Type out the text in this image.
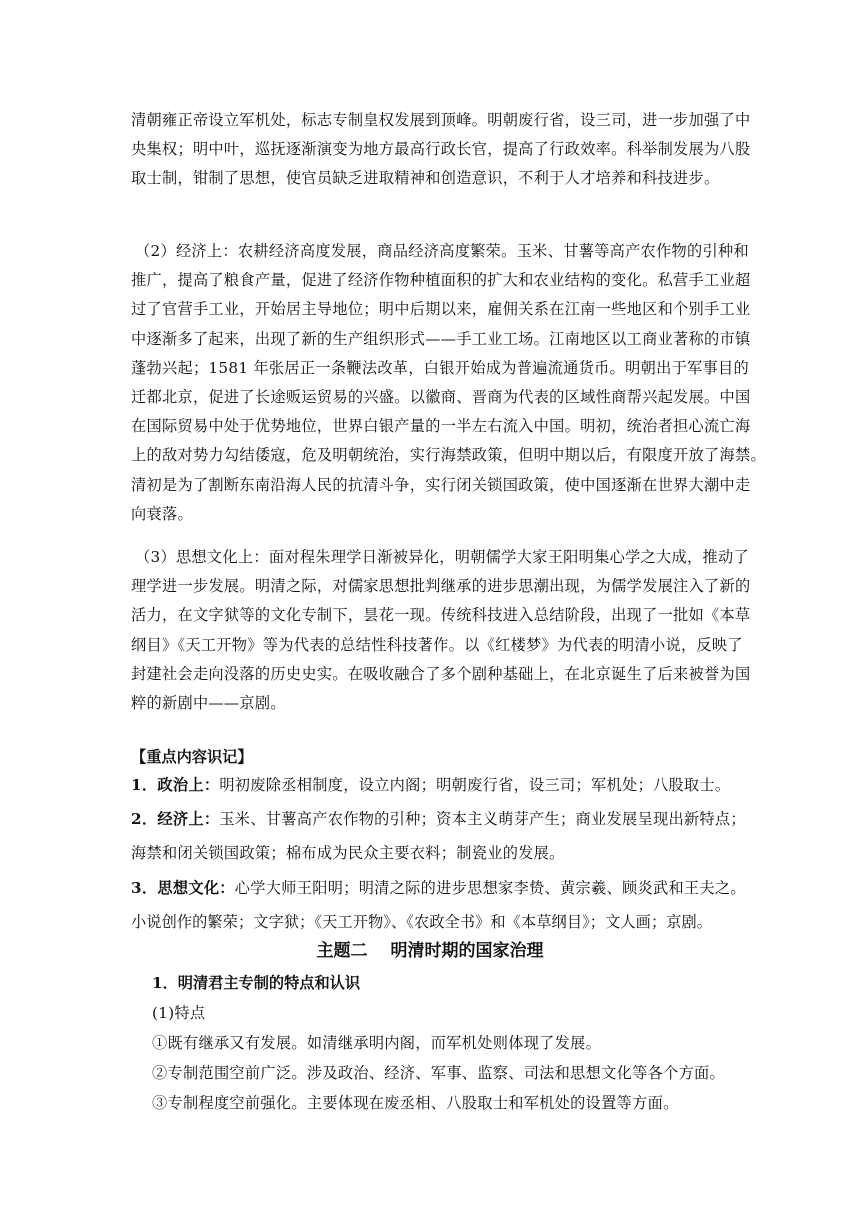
清朝雍正帝设立军机处，标志专制皇权发展到顶峰。明朝废行省，设三司，进一步加强了中
央集权；明中叶，巡抚逐渐演变为地方最高行政长官，提高了行政效率。科举制发展为八股
取士制，钳制了思想，使官员缺乏进取精神和创造意识，不利于人才培养和科技进步。
（2）经济上：农耕经济高度发展，商品经济高度繁荣。玉米、甘薯等高产农作物的引种和
推广，提高了粮食产量，促进了经济作物种植面积的扩大和农业结构的变化。私营手工业超
过了官营手工业，开始居主导地位；明中后期以来，雇佣关系在江南一些地区和个别手工业
中逐渐多了起来，出现了新的生产组织形式——手工业工场。江南地区以工商业著称的市镇
蓬勃兴起；1581 年张居正一条鞭法改革，白银开始成为普遍流通货币。明朝出于军事目的
迁都北京，促进了长途贩运贸易的兴盛。以徽商、晋商为代表的区域性商帮兴起发展。中国
在国际贸易中处于优势地位，世界白银产量的一半左右流入中国。明初，统治者担心流亡海
上的敌对势力勾结倭寇，危及明朝统治，实行海禁政策，但明中期以后，有限度开放了海禁。
清初是为了割断东南沿海人民的抗清斗争，实行闭关锁国政策，使中国逐渐在世界大潮中走
向衰落。
（3）思想文化上：面对程朱理学日渐被异化，明朝儒学大家王阳明集心学之大成，推动了
理学进一步发展。明清之际，对儒家思想批判继承的进步思潮出现，为儒学发展注入了新的
活力，在文字狱等的文化专制下，昙花一现。传统科技进入总结阶段，出现了一批如《本草
纲目》《天工开物》等为代表的总结性科技著作。以《红楼梦》为代表的明清小说，反映了
封建社会走向没落的历史史实。在吸收融合了多个剧种基础上，在北京诞生了后来被誉为国
粹的新剧中——京剧。
【重点内容识记】
1．政治上：明初废除丞相制度，设立内阁；明朝废行省，设三司；军机处；八股取士。
2．经济上：玉米、甘薯高产农作物的引种；资本主义萌芽产生；商业发展呈现出新特点；
海禁和闭关锁国政策；棉布成为民众主要衣料；制瓷业的发展。
3．思想文化：心学大师王阳明；明清之际的进步思想家李贽、黄宗羲、顾炎武和王夫之。
小说创作的繁荣；文字狱；《天工开物》、《农政全书》和《本草纲目》；文人画；京剧。
主题二　 明清时期的国家治理
1．明清君主专制的特点和认识
(1)特点
①既有继承又有发展。如清继承明内阁，而军机处则体现了发展。
②专制范围空前广泛。涉及政治、经济、军事、监察、司法和思想文化等各个方面。
③专制程度空前强化。主要体现在废丞相、八股取士和军机处的设置等方面。
